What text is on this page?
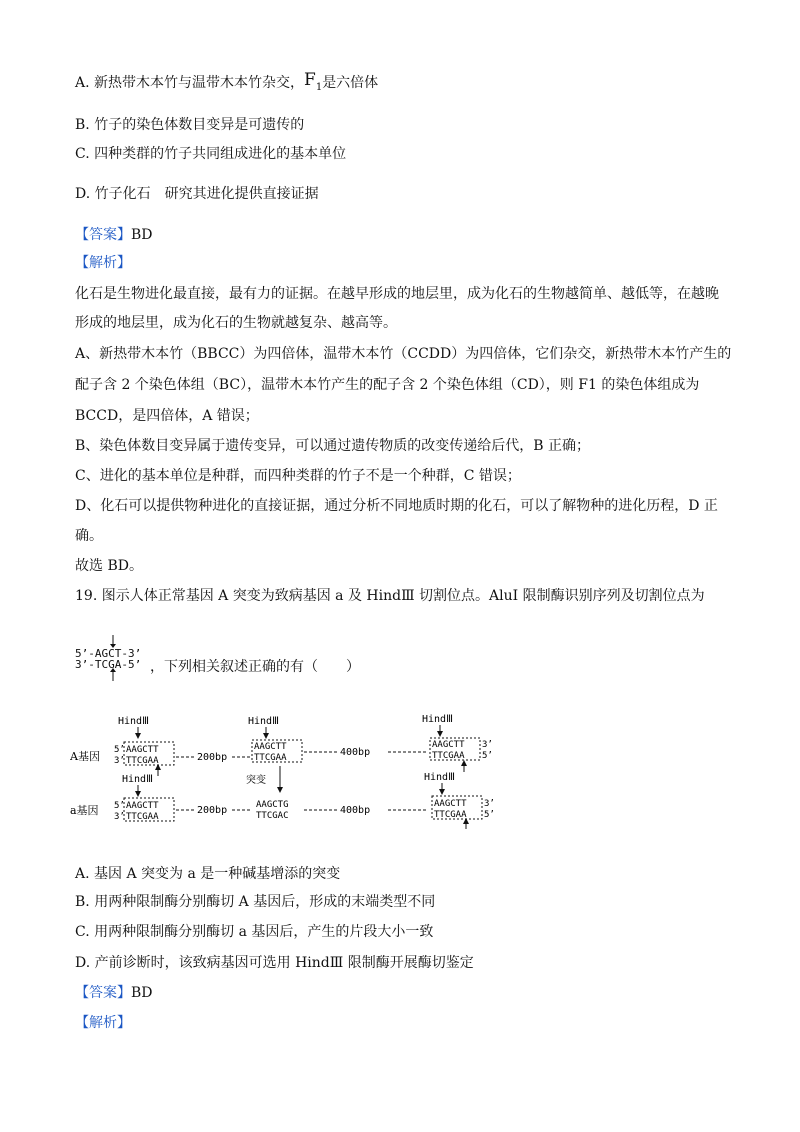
A. 新热带木本竹与温带木本竹杂交，$F_1$是六倍体
B. 竹子的染色体数目变异是可遗传的
C. 四种类群的竹子共同组成进化的基本单位
D. 竹子化石　研究其进化提供直接证据
【答案】BD
【解析】
化石是生物进化最直接，最有力的证据。在越早形成的地层里，成为化石的生物越简单、越低等，在越晚
形成的地层里，成为化石的生物就越复杂、越高等。
A、新热带木本竹（BBCC）为四倍体，温带木本竹（CCDD）为四倍体，它们杂交，新热带木本竹产生的
配子含 2 个染色体组（BC），温带木本竹产生的配子含 2 个染色体组（CD），则 F1 的染色体组成为
BCCD，是四倍体，A 错误；
B、染色体数目变异属于遗传变异，可以通过遗传物质的改变传递给后代，B 正确；
C、进化的基本单位是种群，而四种类群的竹子不是一个种群，C 错误；
D、化石可以提供物种进化的直接证据，通过分析不同地质时期的化石，可以了解物种的进化历程，D 正
确。
故选 BD。
19. 图示人体正常基因 A 突变为致病基因 a 及 HindⅢ 切割位点。AluⅠ 限制酶识别序列及切割位点为
5’-AGCT-3’
3’-TCGA-5’ ，下列相关叙述正确的有（　　）
HindⅢ
A基因 5’
3’
AAGCTT
TTCGAA	200bp
HindⅢ
AAGCTT
TTCGAA	400bp
HindⅢ
AAGCTT
TTCGAA
3’
5’
突变
HindⅢ
a基因 5’
3’
AAGCTT
TTCGAA
200bp	AAGCTG
TTCGAC	400bp
HindⅢ
AAGCTT
TTCGAA
3’
5’
A. 基因 A 突变为 a 是一种碱基增添的突变
B. 用两种限制酶分别酶切 A 基因后，形成的末端类型不同
C. 用两种限制酶分别酶切 a 基因后，产生的片段大小一致
D. 产前诊断时，该致病基因可选用 HindⅢ 限制酶开展酶切鉴定
【答案】BD
【解析】
